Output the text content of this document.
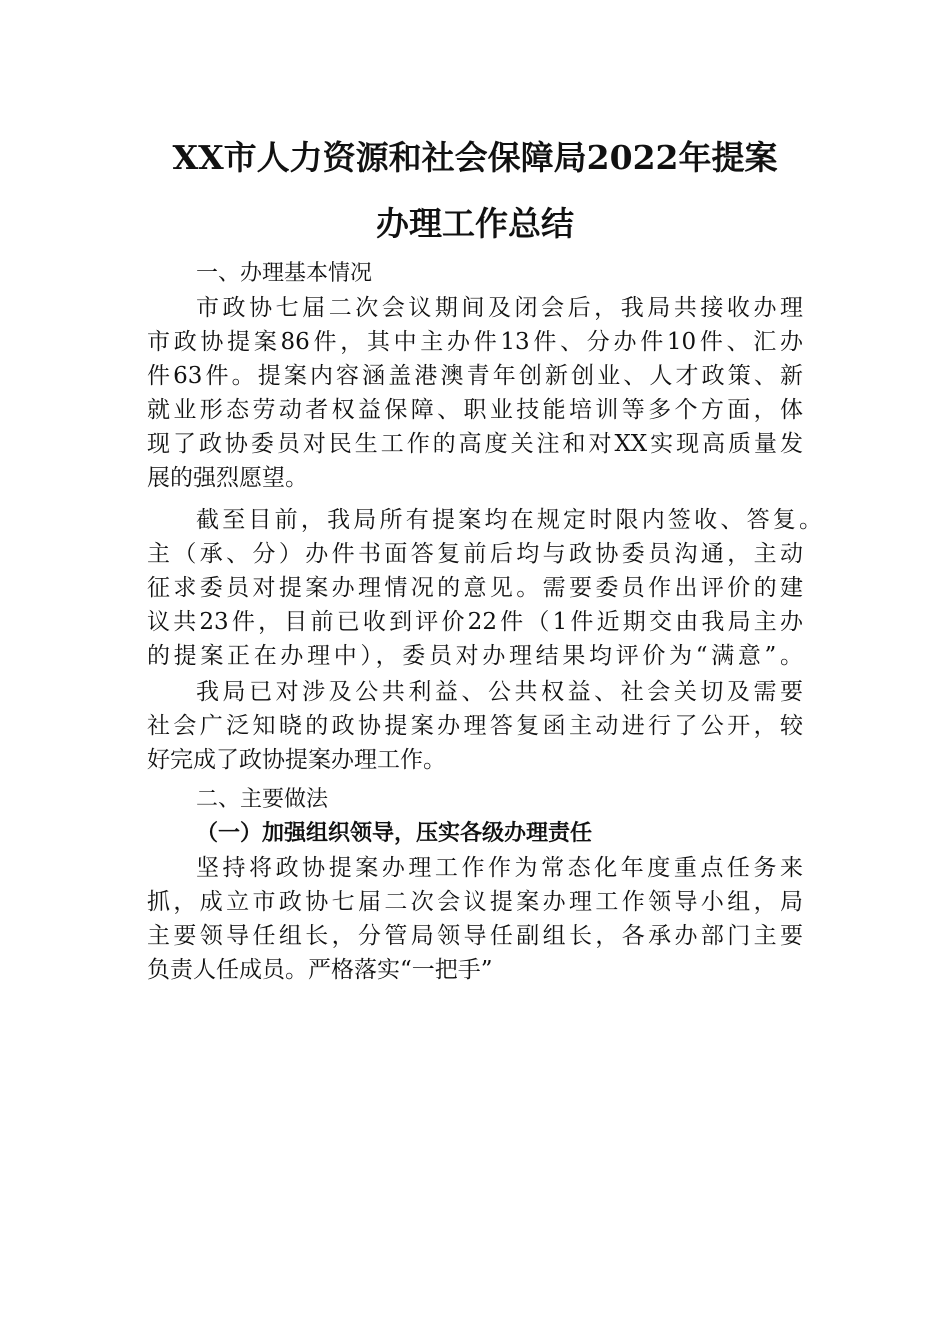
XX市人力资源和社会保障局2022年提案
办理工作总结
一、办理基本情况
市政协七届二次会议期间及闭会后，我局共接收办理
市政协提案86件，其中主办件13件、分办件10件、汇办
件63件。提案内容涵盖港澳青年创新创业、人才政策、新
就业形态劳动者权益保障、职业技能培训等多个方面，体
现了政协委员对民生工作的高度关注和对XX实现高质量发
展的强烈愿望。
截至目前，我局所有提案均在规定时限内签收、答复。
主（承、分）办件书面答复前后均与政协委员沟通，主动
征求委员对提案办理情况的意见。需要委员作出评价的建
议共23件，目前已收到评价22件（1件近期交由我局主办
的提案正在办理中），委员对办理结果均评价为“满意”。
我局已对涉及公共利益、公共权益、社会关切及需要
社会广泛知晓的政协提案办理答复函主动进行了公开，较
好完成了政协提案办理工作。
二、主要做法
（一）加强组织领导，压实各级办理责任
坚持将政协提案办理工作作为常态化年度重点任务来
抓，成立市政协七届二次会议提案办理工作领导小组，局
主要领导任组长，分管局领导任副组长，各承办部门主要
负责人任成员。严格落实“一把手”
